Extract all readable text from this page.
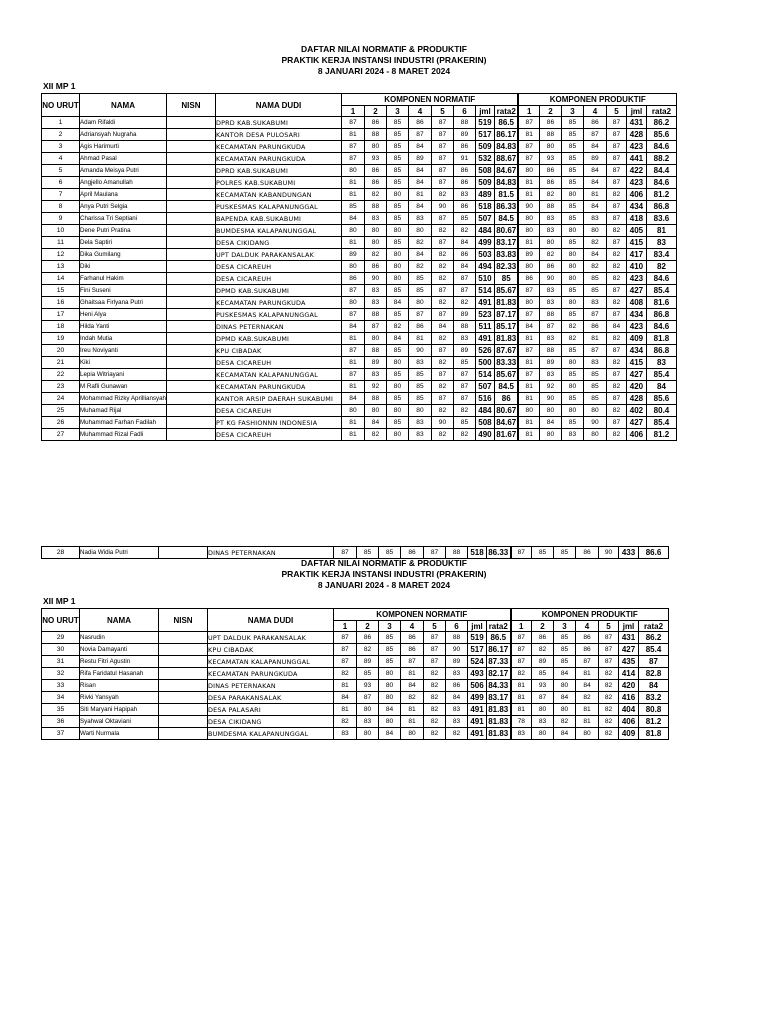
DAFTAR NILAI NORMATIF & PRODUKTIF
PRAKTIK KERJA INSTANSI INDUSTRI (PRAKERIN)
8 JANUARI 2024 - 8 MARET 2024
XII MP 1
NO URUT	NAMA	NISN	NAMA DUDI	KOMPONEN NORMATIF								KOMPONEN PRODUKTIF						
				1	2	3	4	5	6	jml	rata2	1	2	3	4	5	jml	rata2
1	Adam Rifaldi		DPRD KAB.SUKABUMI	87	86	85	86	87	88	519	86.5	87	86	85	86	87	431	86.2
2	Adriansyah Nugraha		KANTOR DESA PULOSARI	81	88	85	87	87	89	517	86.17	81	88	85	87	87	428	85.6
3	Agis Harimurti		KECAMATAN PARUNGKUDA	87	80	85	84	87	86	509	84.83	87	80	85	84	87	423	84.6
4	Ahmad Pasal		KECAMATAN PARUNGKUDA	87	93	85	89	87	91	532	88.67	87	93	85	89	87	441	88.2
5	Amanda Meisya Putri		DPRD KAB.SUKABUMI	80	86	85	84	87	86	508	84.67	80	86	85	84	87	422	84.4
6	Angjello Amanullah		POLRES KAB.SUKABUMI	81	86	85	84	87	86	509	84.83	81	86	85	84	87	423	84.6
7	April Maulana		KECAMATAN KABANDUNGAN	81	82	80	81	82	83	489	81.5	81	82	80	81	82	406	81.2
8	Anya Putri Selgia		PUSKESMAS KALAPANUNGGAL	85	88	85	84	90	86	518	86.33	90	88	85	84	87	434	86.8
9	Charissa Tri Septiani		BAPENDA KAB.SUKABUMI	84	83	85	83	87	85	507	84.5	80	83	85	83	87	418	83.6
10	Dene Putri Pratina		BUMDESMA KALAPANUNGGAL	80	80	80	80	82	82	484	80.67	80	83	80	80	82	405	81
11	Dela Saptiri		DESA CIKIDANG	81	80	85	82	87	84	499	83.17	81	80	85	82	87	415	83
12	Dika Gumilang		UPT DALDUK PARAKANSALAK	89	82	80	84	82	86	503	83.83	89	82	80	84	82	417	83.4
13	Diki		DESA CICAREUH	80	86	80	82	82	84	494	82.33	80	86	80	82	82	410	82
14	Farhanul Hakim		DESA CICAREUH	86	90	80	85	82	87	510	85	86	90	80	85	82	423	84.6
15	Fini Suseni		DPMD KAB.SUKABUMI	87	83	85	85	87	87	514	85.67	87	83	85	85	87	427	85.4
16	Ghaitsaa Firlyana Putri		KECAMATAN PARUNGKUDA	80	83	84	80	82	82	491	81.83	80	83	80	83	82	408	81.6
17	Heni Alya		PUSKESMAS KALAPANUNGGAL	87	88	85	87	87	89	523	87.17	87	88	85	87	87	434	86.8
18	Hilda Yanti		DINAS PETERNAKAN	84	87	82	86	84	88	511	85.17	84	87	82	86	84	423	84.6
19	Indah Mutia		DPMD KAB.SUKABUMI	81	80	84	81	82	83	491	81.83	81	83	82	81	82	409	81.8
20	Ireu Noviyanti		KPU CIBADAK	87	88	85	90	87	89	526	87.67	87	88	85	87	87	434	86.8
21	Kiki		DESA CICAREUH	81	89	80	83	82	85	500	83.33	81	89	80	83	82	415	83
22	Lepia Witriayani		KECAMATAN KALAPANUNGGAL	87	83	85	85	87	87	514	85.67	87	83	85	85	87	427	85.4
23	M Rafli Gunawan		KECAMATAN PARUNGKUDA	81	92	80	85	82	87	507	84.5	81	92	80	85	82	420	84
24	Mohammad Rizky Aprilliansyah		KANTOR ARSIP DAERAH SUKABUMI	84	88	85	85	87	87	516	86	81	90	85	85	87	428	85.6
25	Muhamad Rijal		DESA CICAREUH	80	80	80	80	82	82	484	80.67	80	80	80	80	82	402	80.4
26	Muhammad Farhan Fadilah		PT KG FASHIONNN INDONESIA	81	84	85	83	90	85	508	84.67	81	84	85	90	87	427	85.4
27	Muhammad Rizal Fadli		DESA CICAREUH	81	82	80	83	82	82	490	81.67	81	80	83	80	82	406	81.2
28	Nadia Widia Putri		DINAS PETERNAKAN	87	85	85	86	87	88	518	86.33	87	85	85	86	90	433	86.6
DAFTAR NILAI NORMATIF & PRODUKTIF
PRAKTIK KERJA INSTANSI INDUSTRI (PRAKERIN)
8 JANUARI 2024 - 8 MARET 2024
XII MP 1
NO URUT	NAMA	NISN	NAMA DUDI	KOMPONEN NORMATIF								KOMPONEN PRODUKTIF						
				1	2	3	4	5	6	jml	rata2	1	2	3	4	5	jml	rata2
29	Nasrudin		UPT DALDUK PARAKANSALAK	87	86	85	86	87	88	519	86.5	87	86	85	86	87	431	86.2
30	Novia Damayanti		KPU CIBADAK	87	82	85	86	87	90	517	86.17	87	82	85	86	87	427	85.4
31	Restu Fitri Agustin		KECAMATAN KALAPANUNGGAL	87	89	85	87	87	89	524	87.33	87	89	85	87	87	435	87
32	Rifa Faridatul Hasanah		KECAMATAN PARUNGKUDA	82	85	80	81	82	83	493	82.17	82	85	84	81	82	414	82.8
33	Risan		DINAS PETERNAKAN	81	93	80	84	82	86	506	84.33	81	93	80	84	82	420	84
34	Rivki Yansyah		DESA PARAKANSALAK	84	87	80	82	82	84	499	83.17	81	87	84	82	82	416	83.2
35	Siti Maryani Hapipah		DESA PALASARI	81	80	84	81	82	83	491	81.83	81	80	80	81	82	404	80.8
36	Syahwal Oktaviani		DESA CIKIDANG	82	83	80	81	82	83	491	81.83	78	83	82	81	82	406	81.2
37	Warti Nurmala		BUMDESMA KALAPANUNGGAL	83	80	84	80	82	82	491	81.83	83	80	84	80	82	409	81.8
